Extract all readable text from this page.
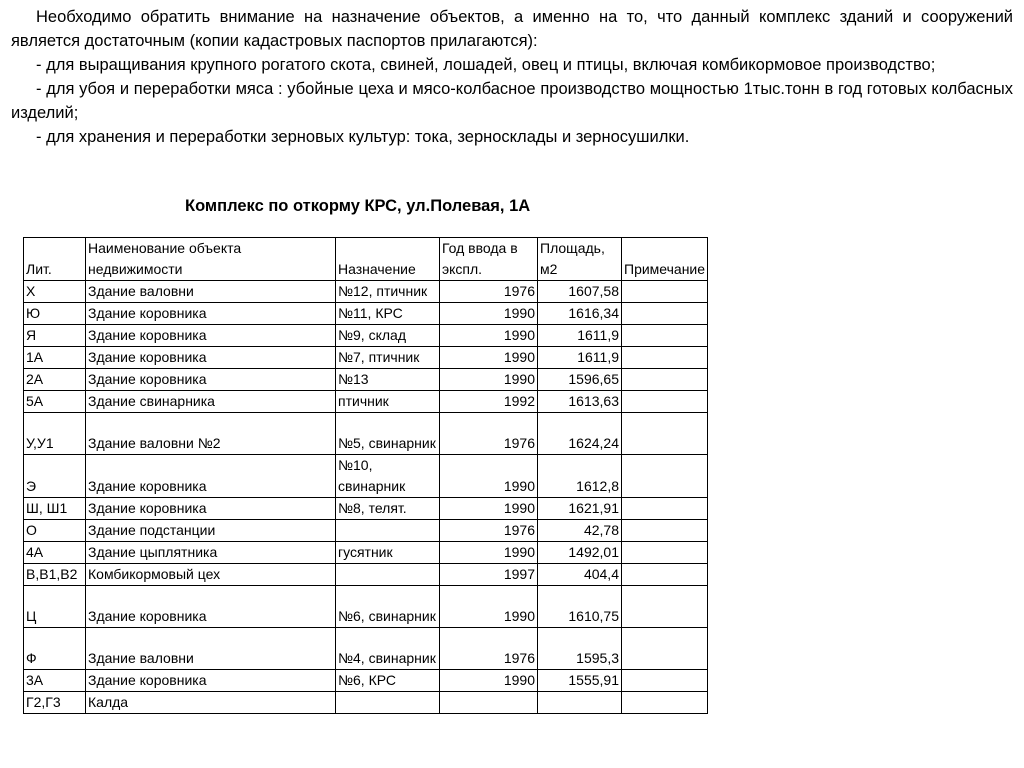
Необходимо обратить внимание на назначение объектов, а именно на то, что данный комплекс зданий и сооружений является достаточным (копии кадастровых паспортов прилагаются):

- для выращивания крупного рогатого скота, свиней, лошадей, овец и птицы, включая комбикормовое производство;

- для убоя и переработки мяса : убойные цеха и мясо-колбасное производство мощностью 1тыс.тонн в год готовых колбасных изделий;

- для хранения и переработки зерновых культур: тока, зерносклады и зерносушилки.

Комплекс по откорму КРС, ул.Полевая, 1А
Лит.	Наименование объекта недвижимости	Назначение	Год ввода в экспл.	Площадь, м2	Примечание
Х	Здание валовни	№12, птичник	1976	1607,58	
Ю	Здание коровника	№11, КРС	1990	1616,34	
Я	Здание коровника	№9, склад	1990	1611,9	
1А	Здание коровника	№7, птичник	1990	1611,9	
2А	Здание коровника	№13	1990	1596,65	
5А	Здание свинарника	птичник	1992	1613,63	
У,У1	Здание валовни №2	№5, свинарник	1976	1624,24	
Э	Здание коровника	№10, свинарник	1990	1612,8	
Ш, Ш1	Здание коровника	№8, телят.	1990	1621,91	
О	Здание подстанции		1976	42,78	
4А	Здание цыплятника	гусятник	1990	1492,01	
В,В1,В2	Комбикормовый цех		1997	404,4	
Ц	Здание коровника	№6, свинарник	1990	1610,75	
Ф	Здание валовни	№4, свинарник	1976	1595,3	
3А	Здание коровника	№6, КРС	1990	1555,91	
Г2,Г3	Калда				
